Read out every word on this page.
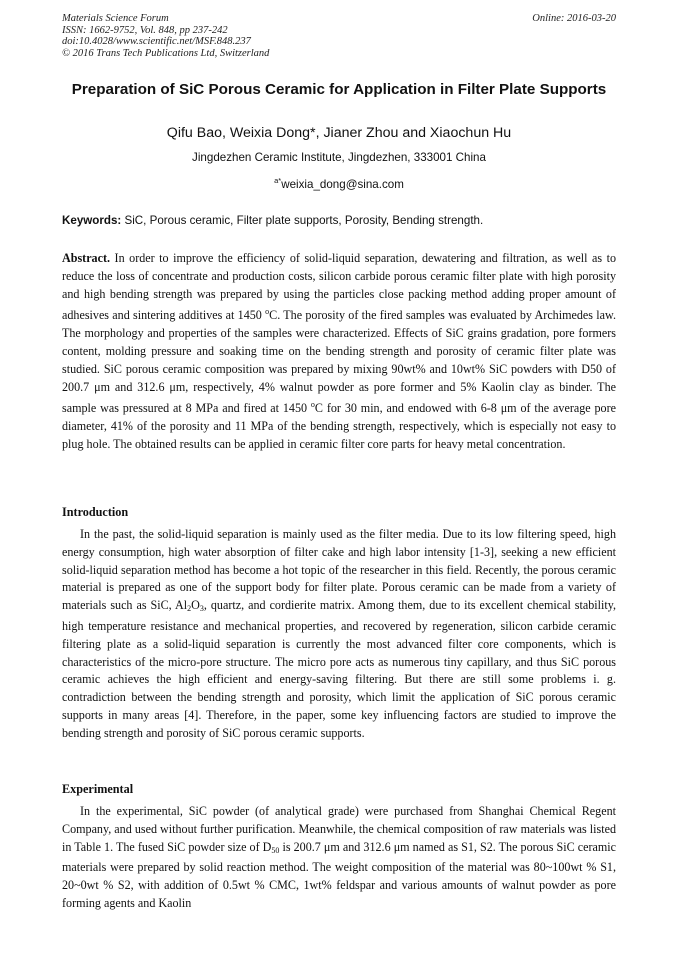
Materials Science Forum
ISSN: 1662-9752, Vol. 848, pp 237-242
doi:10.4028/www.scientific.net/MSF.848.237
© 2016 Trans Tech Publications Ltd, Switzerland
Online: 2016-03-20
Preparation of SiC Porous Ceramic for Application in Filter Plate Supports
Qifu Bao, Weixia Dong*, Jianer Zhou and Xiaochun Hu
Jingdezhen Ceramic Institute, Jingdezhen, 333001 China
$^{a*}$weixia_dong@sina.com
Keywords: SiC, Porous ceramic, Filter plate supports, Porosity, Bending strength.

Abstract. In order to improve the efficiency of solid-liquid separation, dewatering and filtration, as well as to reduce the loss of concentrate and production costs, silicon carbide porous ceramic filter plate with high porosity and high bending strength was prepared by using the particles close packing method adding proper amount of adhesives and sintering additives at 1450 $^o$C. The porosity of the fired samples was evaluated by Archimedes law. The morphology and properties of the samples were characterized. Effects of SiC grains gradation, pore formers content, molding pressure and soaking time on the bending strength and porosity of ceramic filter plate was studied. SiC porous ceramic composition was prepared by mixing 90wt% and 10wt% SiC powders with D50 of 200.7 μm and 312.6 μm, respectively, 4% walnut powder as pore former and 5% Kaolin clay as binder. The sample was pressured at 8 MPa and fired at 1450 $^o$C for 30 min, and endowed with 6-8 μm of the average pore diameter, 41% of the porosity and 11 MPa of the bending strength, respectively, which is especially not easy to plug hole. The obtained results can be applied in ceramic filter core parts for heavy metal concentration.

Introduction

In the past, the solid-liquid separation is mainly used as the filter media. Due to its low filtering speed, high energy consumption, high water absorption of filter cake and high labor intensity [1-3], seeking a new efficient solid-liquid separation method has become a hot topic of the researcher in this field. Recently, the porous ceramic material is prepared as one of the support body for filter plate. Porous ceramic can be made from a variety of materials such as SiC, $Al_2O_3$, quartz, and cordierite matrix. Among them, due to its excellent chemical stability, high temperature resistance and mechanical properties, and recovered by regeneration, silicon carbide ceramic filtering plate as a solid-liquid separation is currently the most advanced filter core components, which is characteristics of the micro-pore structure. The micro pore acts as numerous tiny capillary, and thus SiC porous ceramic achieves the high efficient and energy-saving filtering. But there are still some problems i. g. contradiction between the bending strength and porosity, which limit the application of SiC porous ceramic supports in many areas [4]. Therefore, in the paper, some key influencing factors are studied to improve the bending strength and porosity of SiC porous ceramic supports.

Experimental

In the experimental, SiC powder (of analytical grade) were purchased from Shanghai Chemical Regent Company, and used without further purification. Meanwhile, the chemical composition of raw materials was listed in Table 1. The fused SiC powder size of $D_{50}$ is 200.7 μm and 312.6 μm named as S1, S2. The porous SiC ceramic materials were prepared by solid reaction method. The weight composition of the material was 80~100wt % S1, 20~0wt % S2, with addition of 0.5wt % CMC, 1wt% feldspar and various amounts of walnut powder as pore forming agents and Kaolin
